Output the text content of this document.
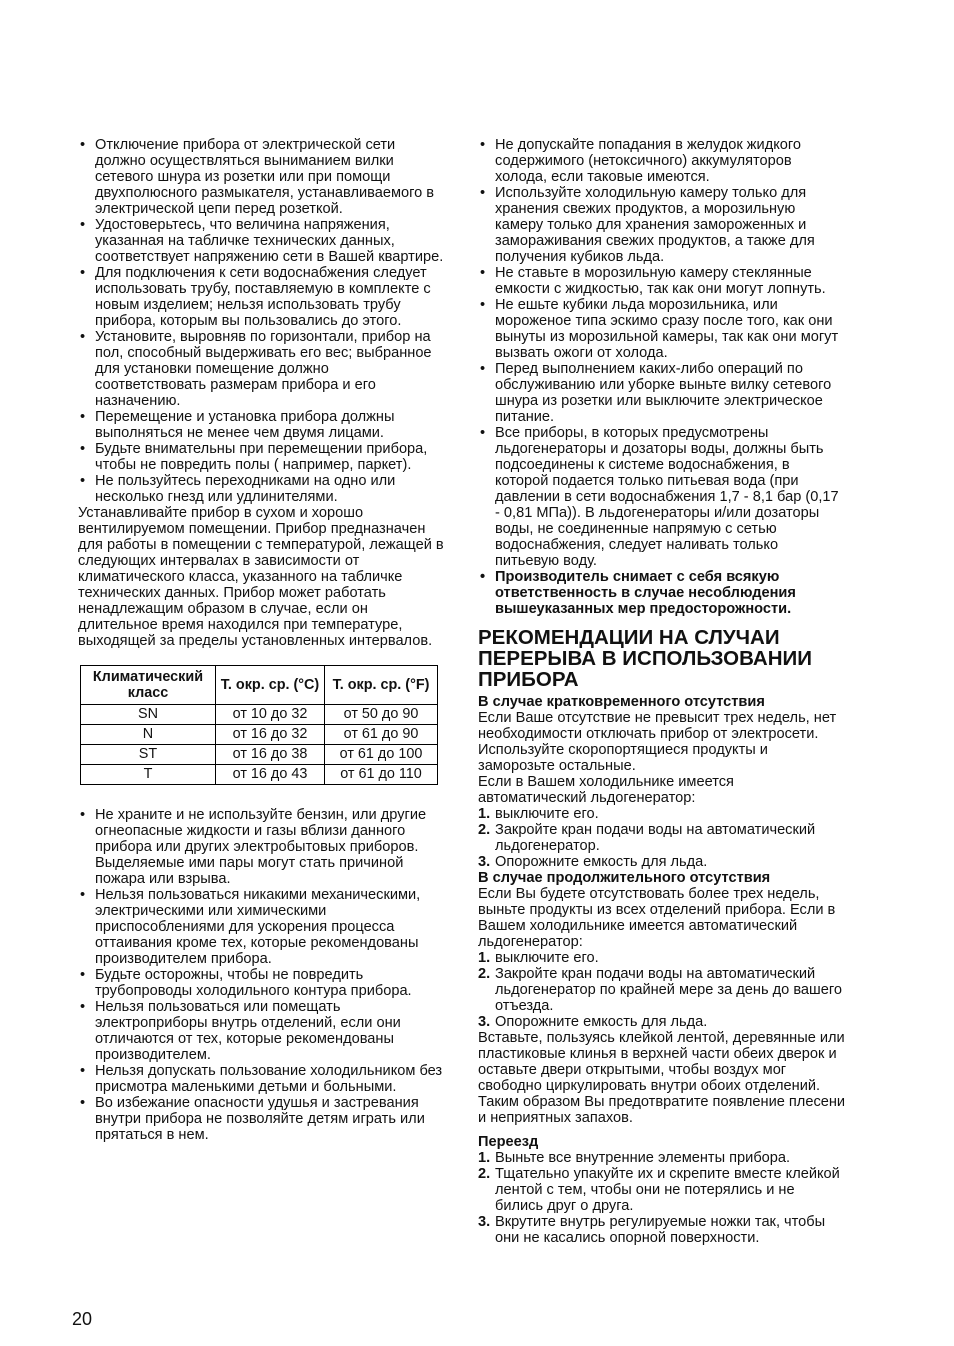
• Отключение прибора от электрической сети должно осуществляться выниманием вилки сетевого шнура из розетки или при помощи двухполюсного размыкателя, устанавливаемого в электрической цепи перед розеткой.
• Удостоверьтесь, что величина напряжения, указанная на табличке технических данных, соответствует напряжению сети в Вашей квартире.
• Для подключения к сети водоснабжения следует использовать трубу, поставляемую в комплекте с новым изделием; нельзя использовать трубу прибора, которым вы пользовались до этого.
• Установите, выровняв по горизонтали, прибор на пол, способный выдерживать его вес; выбранное для установки помещение должно соответствовать размерам прибора и его назначению.
• Перемещение и установка прибора должны выполняться не менее чем двумя лицами.
• Будьте внимательны при перемещении прибора, чтобы не повредить полы ( например, паркет).
• Не пользуйтесь переходниками на одно или несколько гнезд или удлинителями.

Устанавливайте прибор в сухом и хорошо вентилируемом помещении. Прибор предназначен для работы в помещении с температурой, лежащей в следующих интервалах в зависимости от климатического класса, указанного на табличке технических данных. Прибор может работать ненадлежащим образом в случае, если он длительное время находился при температуре, выходящей за пределы установленных интервалов.

Климатический класс	Т. окр. ср. (°C)	Т. окр. ср. (°F)
SN	от 10 до 32	от 50 до 90
N	от 16 до 32	от 61 до 90
ST	от 16 до 38	от 61 до 100
T	от 16 до 43	от 61 до 110
• Не храните и не используйте бензин, или другие огнеопасные жидкости и газы вблизи данного прибора или других электробытовых приборов. Выделяемые ими пары могут стать причиной пожара или взрыва.
• Нельзя пользоваться никакими механическими, электрическими или химическими приспособлениями для ускорения процесса оттаивания кроме тех, которые рекомендованы производителем прибора.
• Будьте осторожны, чтобы не повредить трубопроводы холодильного контура прибора.
• Нельзя пользоваться или помещать электроприборы внутрь отделений, если они отличаются от тех, которые рекомендованы производителем.
• Нельзя допускать пользование холодильником без присмотра маленькими детьми и больными.
• Во избежание опасности удушья и застревания внутри прибора не позволяйте детям играть или прятаться в нем.
• Не допускайте попадания в желудок жидкого содержимого (нетоксичного) аккумуляторов холода, если таковые имеются.
• Используйте холодильную камеру только для хранения свежих продуктов, а морозильную камеру только для хранения замороженных и замораживания свежих продуктов, а также для получения кубиков льда.
• Не ставьте в морозильную камеру стеклянные емкости с жидкостью, так как они могут лопнуть.
• Не ешьте кубики льда морозильника, или мороженое типа эскимо сразу после того, как они вынуты из морозильной камеры, так как они могут вызвать ожоги от холода.
• Перед выполнением каких-либо операций по обслуживанию или уборке выньте вилку сетевого шнура из розетки или выключите электрическое питание.
• Все приборы, в которых предусмотрены льдогенераторы и дозаторы воды, должны быть подсоединены к системе водоснабжения, в которой подается только питьевая вода (при давлении в сети водоснабжения 1,7 - 8,1 бар (0,17 - 0,81 МПа)). В льдогенераторы и/или дозаторы воды, не соединенные напрямую с сетью водоснабжения, следует наливать только питьевую воду.
• Производитель снимает с себя всякую ответственность в случае несоблюдения вышеуказанных мер предосторожности.
РЕКОМЕНДАЦИИ НА СЛУЧАИ ПЕРЕРЫВА В ИСПОЛЬЗОВАНИИ ПРИБОРА
В случае кратковременного отсутствия

Если Ваше отсутствие не превысит трех недель, нет необходимости отключать прибор от электросети. Используйте скоропортящиеся продукты и заморозьте остальные.

Если в Вашем холодильнике имеется автоматический льдогенератор:

1. выключите его.
2. Закройте кран подачи воды на автоматический льдогенератор.
3. Опорожните емкость для льда.
В случае продолжительного отсутствия

Если Вы будете отсутствовать более трех недель, выньте продукты из всех отделений прибора. Если в Вашем холодильнике имеется автоматический льдогенератор:

1. выключите его.
2. Закройте кран подачи воды на автоматический льдогенератор по крайней мере за день до вашего отъезда.
3. Опорожните емкость для льда.

Вставьте, пользуясь клейкой лентой, деревянные или пластиковые клинья в верхней части обеих дверок и оставьте двери открытыми, чтобы воздух мог свободно циркулировать внутри обоих отделений. Таким образом Вы предотвратите появление плесени и неприятных запахов.

Переезд
1. Выньте все внутренние элементы прибора.
2. Тщательно упакуйте их и скрепите вместе клейкой лентой с тем, чтобы они не потерялись и не бились друг о друга.
3. Вкрутите внутрь регулируемые ножки так, чтобы они не касались опорной поверхности.
20
